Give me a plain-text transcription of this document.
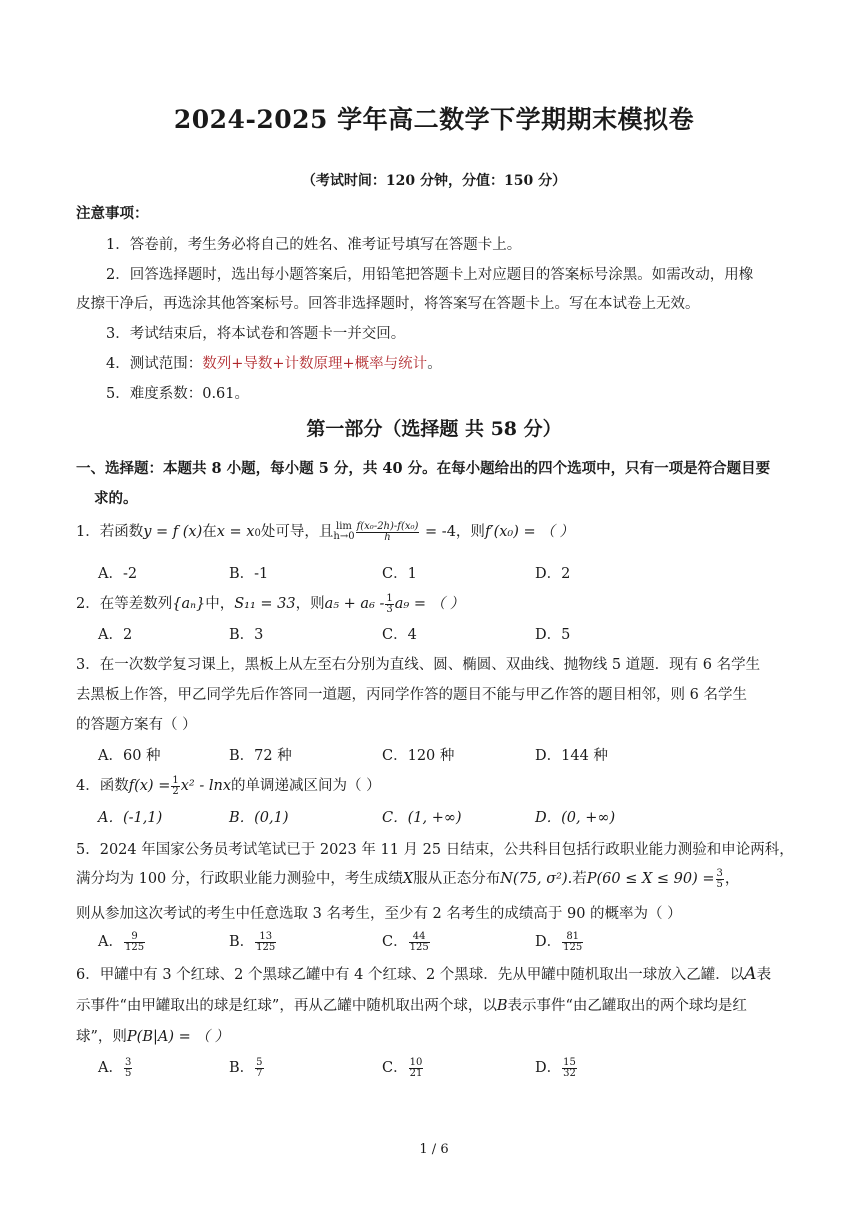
2024-2025 学年高二数学下学期期末模拟卷
（考试时间：120 分钟，分值：150 分）
注意事项：
1．答卷前，考生务必将自己的姓名、准考证号填写在答题卡上。
2．回答选择题时，选出每小题答案后，用铅笔把答题卡上对应题目的答案标号涂黑。如需改动，用橡
皮擦干净后，再选涂其他答案标号。回答非选择题时，将答案写在答题卡上。写在本试卷上无效。
3．考试结束后，将本试卷和答题卡一并交回。
4．测试范围：数列+导数+计数原理+概率与统计。
5．难度系数：0.61。
第一部分（选择题 共 58 分）
一、选择题：本题共 8 小题，每小题 5 分，共 40 分。在每小题给出的四个选项中，只有一项是符合题目要
求的。
1．若函数y = f (x)在x = x0处可导，且 lim
$h\to 0 \frac{\text{f(x₀-2h)-f(x₀)}}{h} = -4$，则f′(x₀) = （ ）
A．-2	B．-1	C．1	D．2
2．在等差数列{aₙ}中，S₁₁ = 33，则$a_5 + a_6 - \frac{1}{3} a_9$ = （ ）
A．2	B．3	C．4	D．5
3．在一次数学复习课上，黑板上从左至右分别为直线、圆、椭圆、双曲线、抛物线 5 道题．现有 6 名学生
去黑板上作答，甲乙同学先后作答同一道题，丙同学作答的题目不能与甲乙作答的题目相邻，则 6 名学生
的答题方案有（ ）
A．60 种	B．72 种	C．120 种	D．144 种
4．函数$f(x) = \frac{1}{2} x^2 - \ln x$的单调递减区间为（ ）
A．(-1,1)	B．(0,1)	C．(1, +∞)	D．(0, +∞)
5．2024 年国家公务员考试笔试已于 2023 年 11 月 25 日结束，公共科目包括行政职业能力测验和申论两科，
满分均为 100 分，行政职业能力测验中，考生成绩X服从正态分布N(75, σ²).若$P(60 \le X \le 90) = \frac{3}{5}$ ，
则从参加这次考试的考生中任意选取 3 名考生，至少有 2 名考生的成绩高于 90 的概率为（ ）
A． $\frac{9}{125}$	B． $\frac{13}{125}$	C． $\frac{44}{125}$	D． $\frac{81}{125}$
6．甲罐中有 3 个红球、2 个黑球乙罐中有 4 个红球、2 个黑球．先从甲罐中随机取出一球放入乙罐．以A表
示事件“由甲罐取出的球是红球”，再从乙罐中随机取出两个球，以B表示事件“由乙罐取出的两个球均是红
球”，则P(B|A) = （ ）
A． $\frac{3}{5}$	B． $\frac{5}{7}$	C． $\frac{10}{21}$	D． $\frac{15}{32}$
1 / 6
